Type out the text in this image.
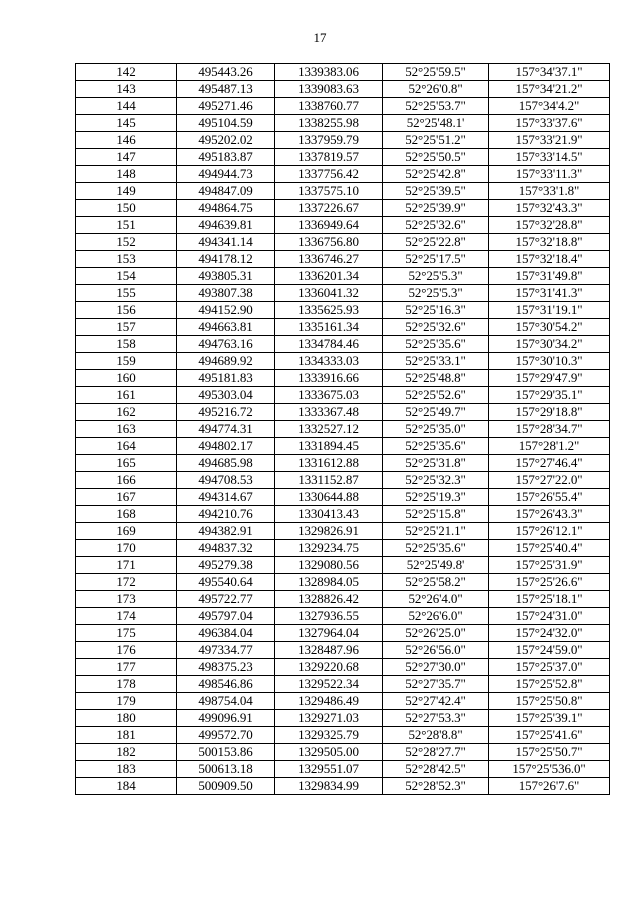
17
142	495443.26	1339383.06	52°25'59.5"	157°34'37.1"
143	495487.13	1339083.63	52°26'0.8"	157°34'21.2"
144	495271.46	1338760.77	52°25'53.7"	157°34'4.2"
145	495104.59	1338255.98	52°25'48.1'	157°33'37.6"
146	495202.02	1337959.79	52°25'51.2"	157°33'21.9"
147	495183.87	1337819.57	52°25'50.5"	157°33'14.5"
148	494944.73	1337756.42	52°25'42.8"	157°33'11.3"
149	494847.09	1337575.10	52°25'39.5"	157°33'1.8"
150	494864.75	1337226.67	52°25'39.9"	157°32'43.3"
151	494639.81	1336949.64	52°25'32.6"	157°32'28.8"
152	494341.14	1336756.80	52°25'22.8"	157°32'18.8"
153	494178.12	1336746.27	52°25'17.5"	157°32'18.4"
154	493805.31	1336201.34	52°25'5.3"	157°31'49.8"
155	493807.38	1336041.32	52°25'5.3"	157°31'41.3"
156	494152.90	1335625.93	52°25'16.3"	157°31'19.1"
157	494663.81	1335161.34	52°25'32.6"	157°30'54.2"
158	494763.16	1334784.46	52°25'35.6"	157°30'34.2"
159	494689.92	1334333.03	52°25'33.1"	157°30'10.3"
160	495181.83	1333916.66	52°25'48.8"	157°29'47.9"
161	495303.04	1333675.03	52°25'52.6"	157°29'35.1"
162	495216.72	1333367.48	52°25'49.7"	157°29'18.8"
163	494774.31	1332527.12	52°25'35.0"	157°28'34.7"
164	494802.17	1331894.45	52°25'35.6"	157°28'1.2"
165	494685.98	1331612.88	52°25'31.8"	157°27'46.4"
166	494708.53	1331152.87	52°25'32.3"	157°27'22.0"
167	494314.67	1330644.88	52°25'19.3"	157°26'55.4"
168	494210.76	1330413.43	52°25'15.8"	157°26'43.3"
169	494382.91	1329826.91	52°25'21.1"	157°26'12.1"
170	494837.32	1329234.75	52°25'35.6"	157°25'40.4"
171	495279.38	1329080.56	52°25'49.8'	157°25'31.9"
172	495540.64	1328984.05	52°25'58.2"	157°25'26.6"
173	495722.77	1328826.42	52°26'4.0"	157°25'18.1"
174	495797.04	1327936.55	52°26'6.0"	157°24'31.0"
175	496384.04	1327964.04	52°26'25.0"	157°24'32.0"
176	497334.77	1328487.96	52°26'56.0"	157°24'59.0"
177	498375.23	1329220.68	52°27'30.0"	157°25'37.0"
178	498546.86	1329522.34	52°27'35.7"	157°25'52.8"
179	498754.04	1329486.49	52°27'42.4"	157°25'50.8"
180	499096.91	1329271.03	52°27'53.3"	157°25'39.1"
181	499572.70	1329325.79	52°28'8.8"	157°25'41.6"
182	500153.86	1329505.00	52°28'27.7"	157°25'50.7"
183	500613.18	1329551.07	52°28'42.5"	157°25'536.0"
184	500909.50	1329834.99	52°28'52.3"	157°26'7.6"
